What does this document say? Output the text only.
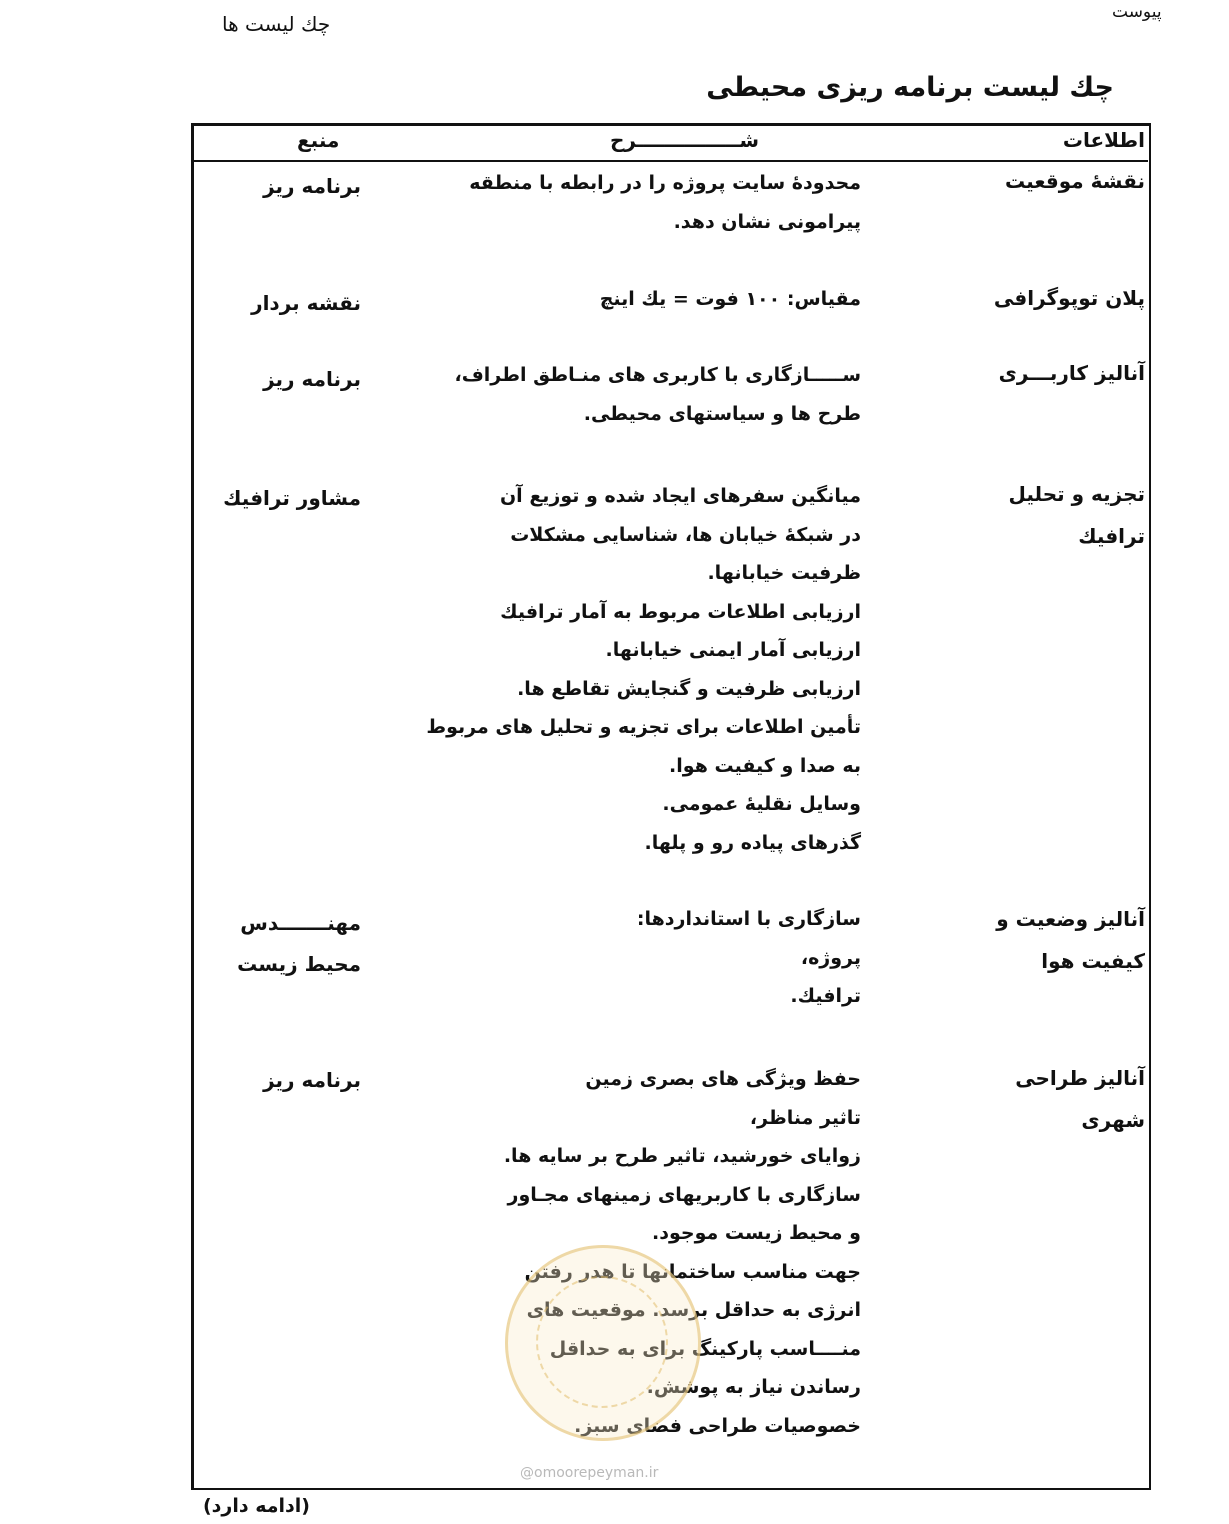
چك ليست ها	پيوست
چك ليست برنامه ريزی محيطی
اطلاعات
شـــــــــــــــرح
منبع
نقشهٔ موقعيت
محدودهٔ سايت پروژه را در رابطه با منطقه
پيرامونی نشان دهد.
برنامه ريز
پلان توپوگرافی
مقياس: ۱۰۰ فوت = يك اينچ
نقشه بردار
آناليز كاربـــری
ســـــازگاری با كاربری های منـاطق اطراف،
طرح ها و سياستهای محيطی.
برنامه ريز
تجزيه و تحليل
ترافيك
ميانگين سفرهای ايجاد شده و توزيع آن
در شبكهٔ خيابان ها، شناسايی مشكلات
ظرفيت خيابانها.
ارزيابی اطلاعات مربوط به آمار ترافيك
ارزيابی آمار ايمنی خيابانها.
ارزيابی ظرفيت و گنجايش تقاطع ها.
تأمين اطلاعات برای تجزيه و تحليل های مربوط
به صدا و كيفيت هوا.
وسايل نقليهٔ عمومی.
گذرهای پياده رو و پلها.
مشاور ترافيك
آناليز وضعيت و
كيفيت هوا
سازگاری با استانداردها:
پروژه،
ترافيك.
مهنـــــــدس
محيط زيست
آناليز طراحی شهری
حفظ ويژگی های بصری زمين
تاثير مناظر،
زوايای خورشيد، تاثير طرح بر سايه ها.
سازگاری با كاربريهای زمينهای مجـاور
و محيط زيست موجود.
جهت مناسب ساختمانها تا هدر رفتن
انرژی به حداقل برسد. موقعيت های
منــــاسب پاركينگ برای به حداقل
رساندن نياز به پوشش.
خصوصيات طراحی فضای سبز.
برنامه ريز
@omoorepeyman.ir
(ادامه دارد)
